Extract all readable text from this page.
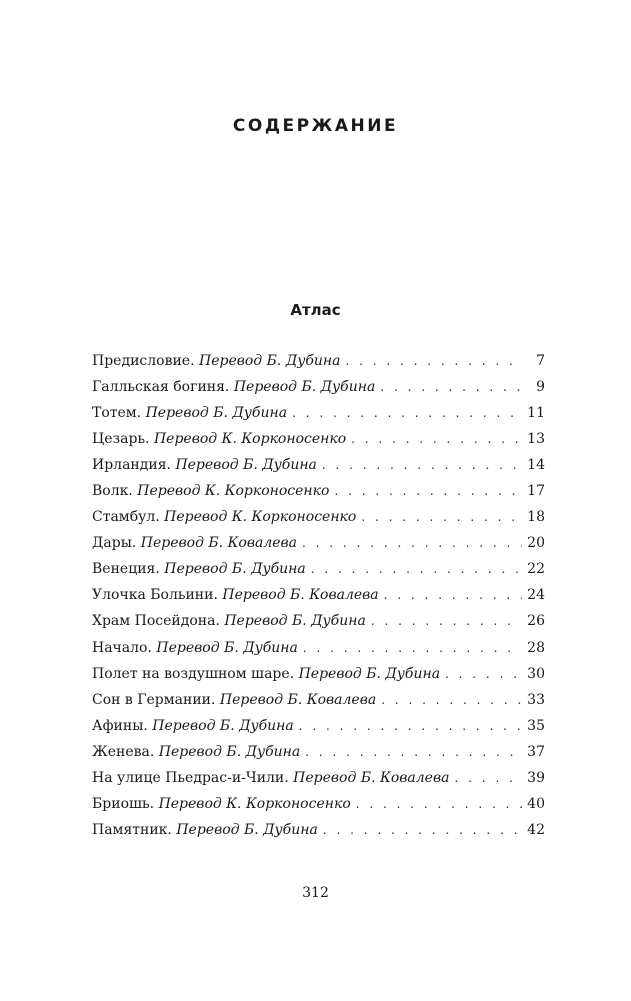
СОДЕРЖАНИЕ
Атлас
Предисловие. Перевод Б. Дубина . . .	7
Галльская богиня. Перевод Б. Дубина . . .	9
Тотем. Перевод Б. Дубина . . .	11
Цезарь. Перевод К. Корконосенко . . .	13
Ирландия. Перевод Б. Дубина . . .	14
Волк. Перевод К. Корконосенко . . .	17
Стамбул. Перевод К. Корконосенко . . .	18
Дары. Перевод Б. Ковалева . . .	20
Венеция. Перевод Б. Дубина . . .	22
Улочка Больини. Перевод Б. Ковалева . . .	24
Храм Посейдона. Перевод Б. Дубина . . .	26
Начало. Перевод Б. Дубина . . .	28
Полет на воздушном шаре. Перевод Б. Дубина . . .	30
Сон в Германии. Перевод Б. Ковалева . . .	33
Афины. Перевод Б. Дубина . . .	35
Женева. Перевод Б. Дубина . . .	37
На улице Пьедрас-и-Чили. Перевод Б. Ковалева . . .	39
Бриошь. Перевод К. Корконосенко . . .	40
Памятник. Перевод Б. Дубина . . .	42
312
